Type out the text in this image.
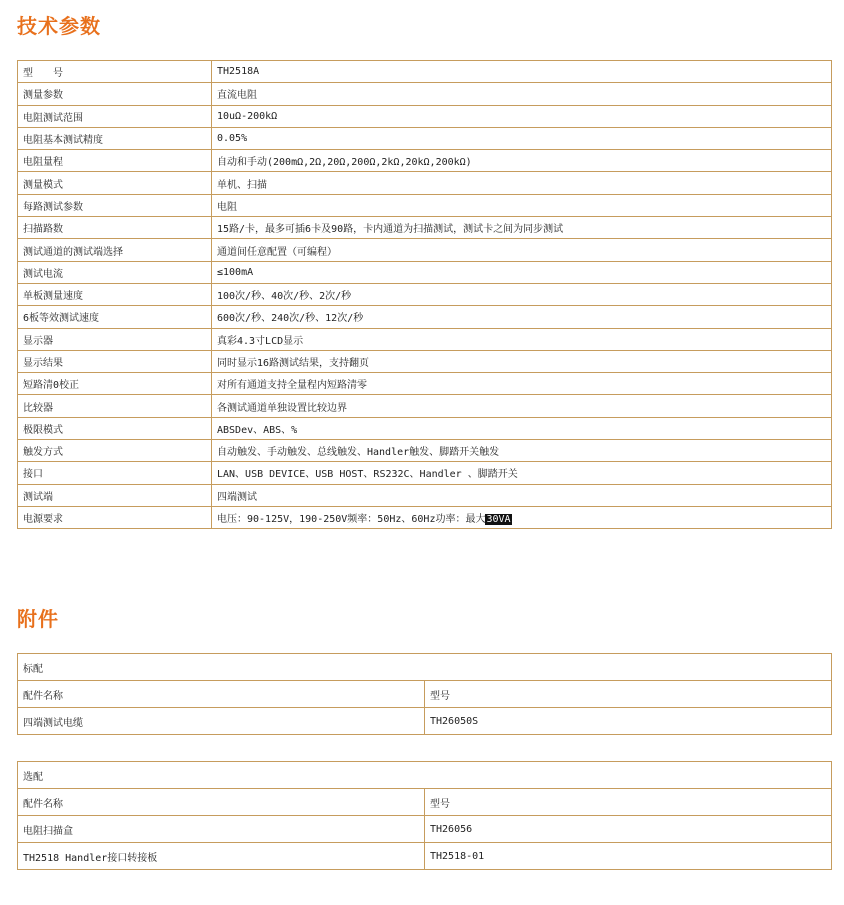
技术参数
型　　号	TH2518A
测量参数	直流电阻
电阻测试范围	10uΩ-200kΩ
电阻基本测试精度	0.05%
电阻量程	自动和手动(200mΩ,2Ω,20Ω,200Ω,2kΩ,20kΩ,200kΩ)
测量模式	单机、扫描
每路测试参数	电阻
扫描路数	15路/卡，最多可插6卡及90路，卡内通道为扫描测试，测试卡之间为同步测试
测试通道的测试端选择	通道间任意配置（可编程）
测试电流	≤100mA
单板测量速度	100次/秒、40次/秒、2次/秒
6板等效测试速度	600次/秒、240次/秒、12次/秒
显示器	真彩4.3寸LCD显示
显示结果	同时显示16路测试结果，支持翻页
短路清0校正	对所有通道支持全量程内短路清零
比较器	各测试通道单独设置比较边界
极限模式	ABSDev、ABS、%
触发方式	自动触发、手动触发、总线触发、Handler触发、脚踏开关触发
接口	LAN、USB DEVICE、USB HOST、RS232C、Handler 、脚踏开关
测试端	四端测试
电源要求	电压：90-125V，190-250V频率：50Hz、60Hz功率：最大30VA
附件
标配	
配件名称	型号
四端测试电缆	TH26050S
选配	
配件名称	型号
电阻扫描盒	TH26056
TH2518 Handler接口转接板	TH2518-01
